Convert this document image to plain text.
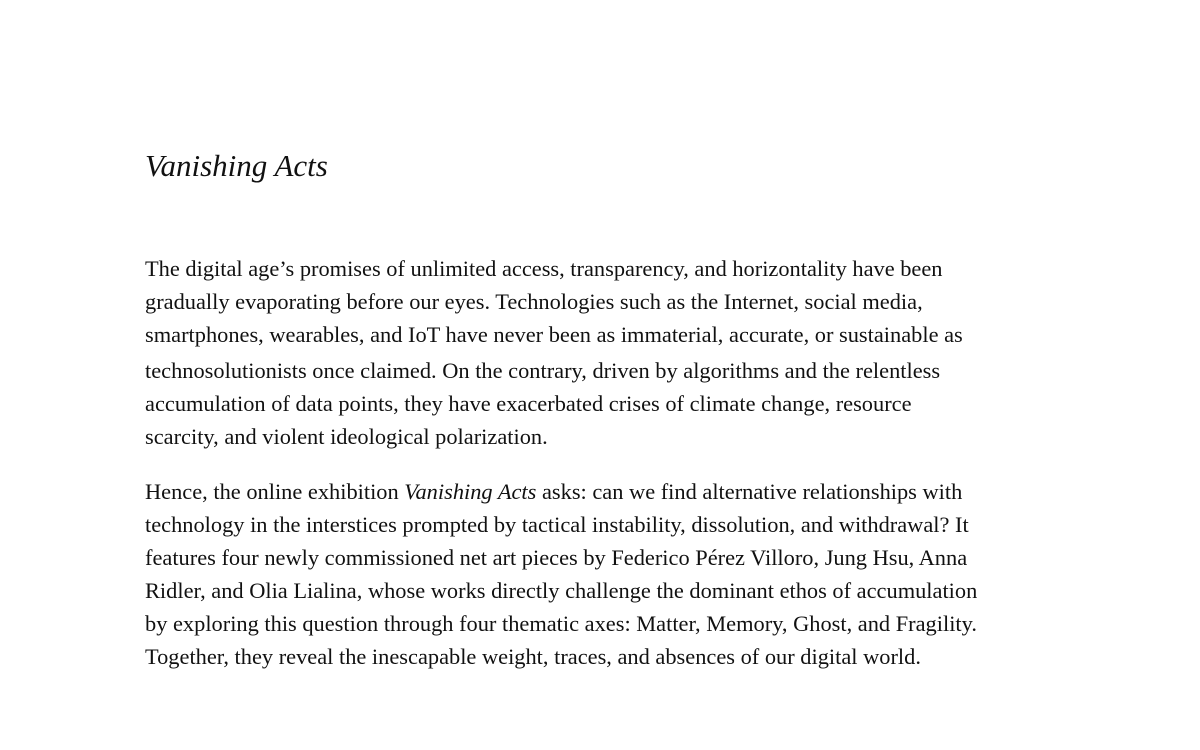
Vanishing Acts

The digital age’s promises of unlimited access, transparency, and horizontality have been
gradually evaporating before our eyes. Technologies such as the Internet, social media,
smartphones, wearables, and IoT have never been as immaterial, accurate, or sustainable as
technosolutionists once claimed. On the contrary, driven by algorithms and the relentless
accumulation of data points, they have exacerbated crises of climate change, resource
scarcity, and violent ideological polarization.

Hence, the online exhibition Vanishing Acts asks: can we find alternative relationships with
technology in the interstices prompted by tactical instability, dissolution, and withdrawal? It
features four newly commissioned net art pieces by Federico Pérez Villoro, Jung Hsu, Anna
Ridler, and Olia Lialina, whose works directly challenge the dominant ethos of accumulation
by exploring this question through four thematic axes: Matter, Memory, Ghost, and Fragility.
Together, they reveal the inescapable weight, traces, and absences of our digital world.
